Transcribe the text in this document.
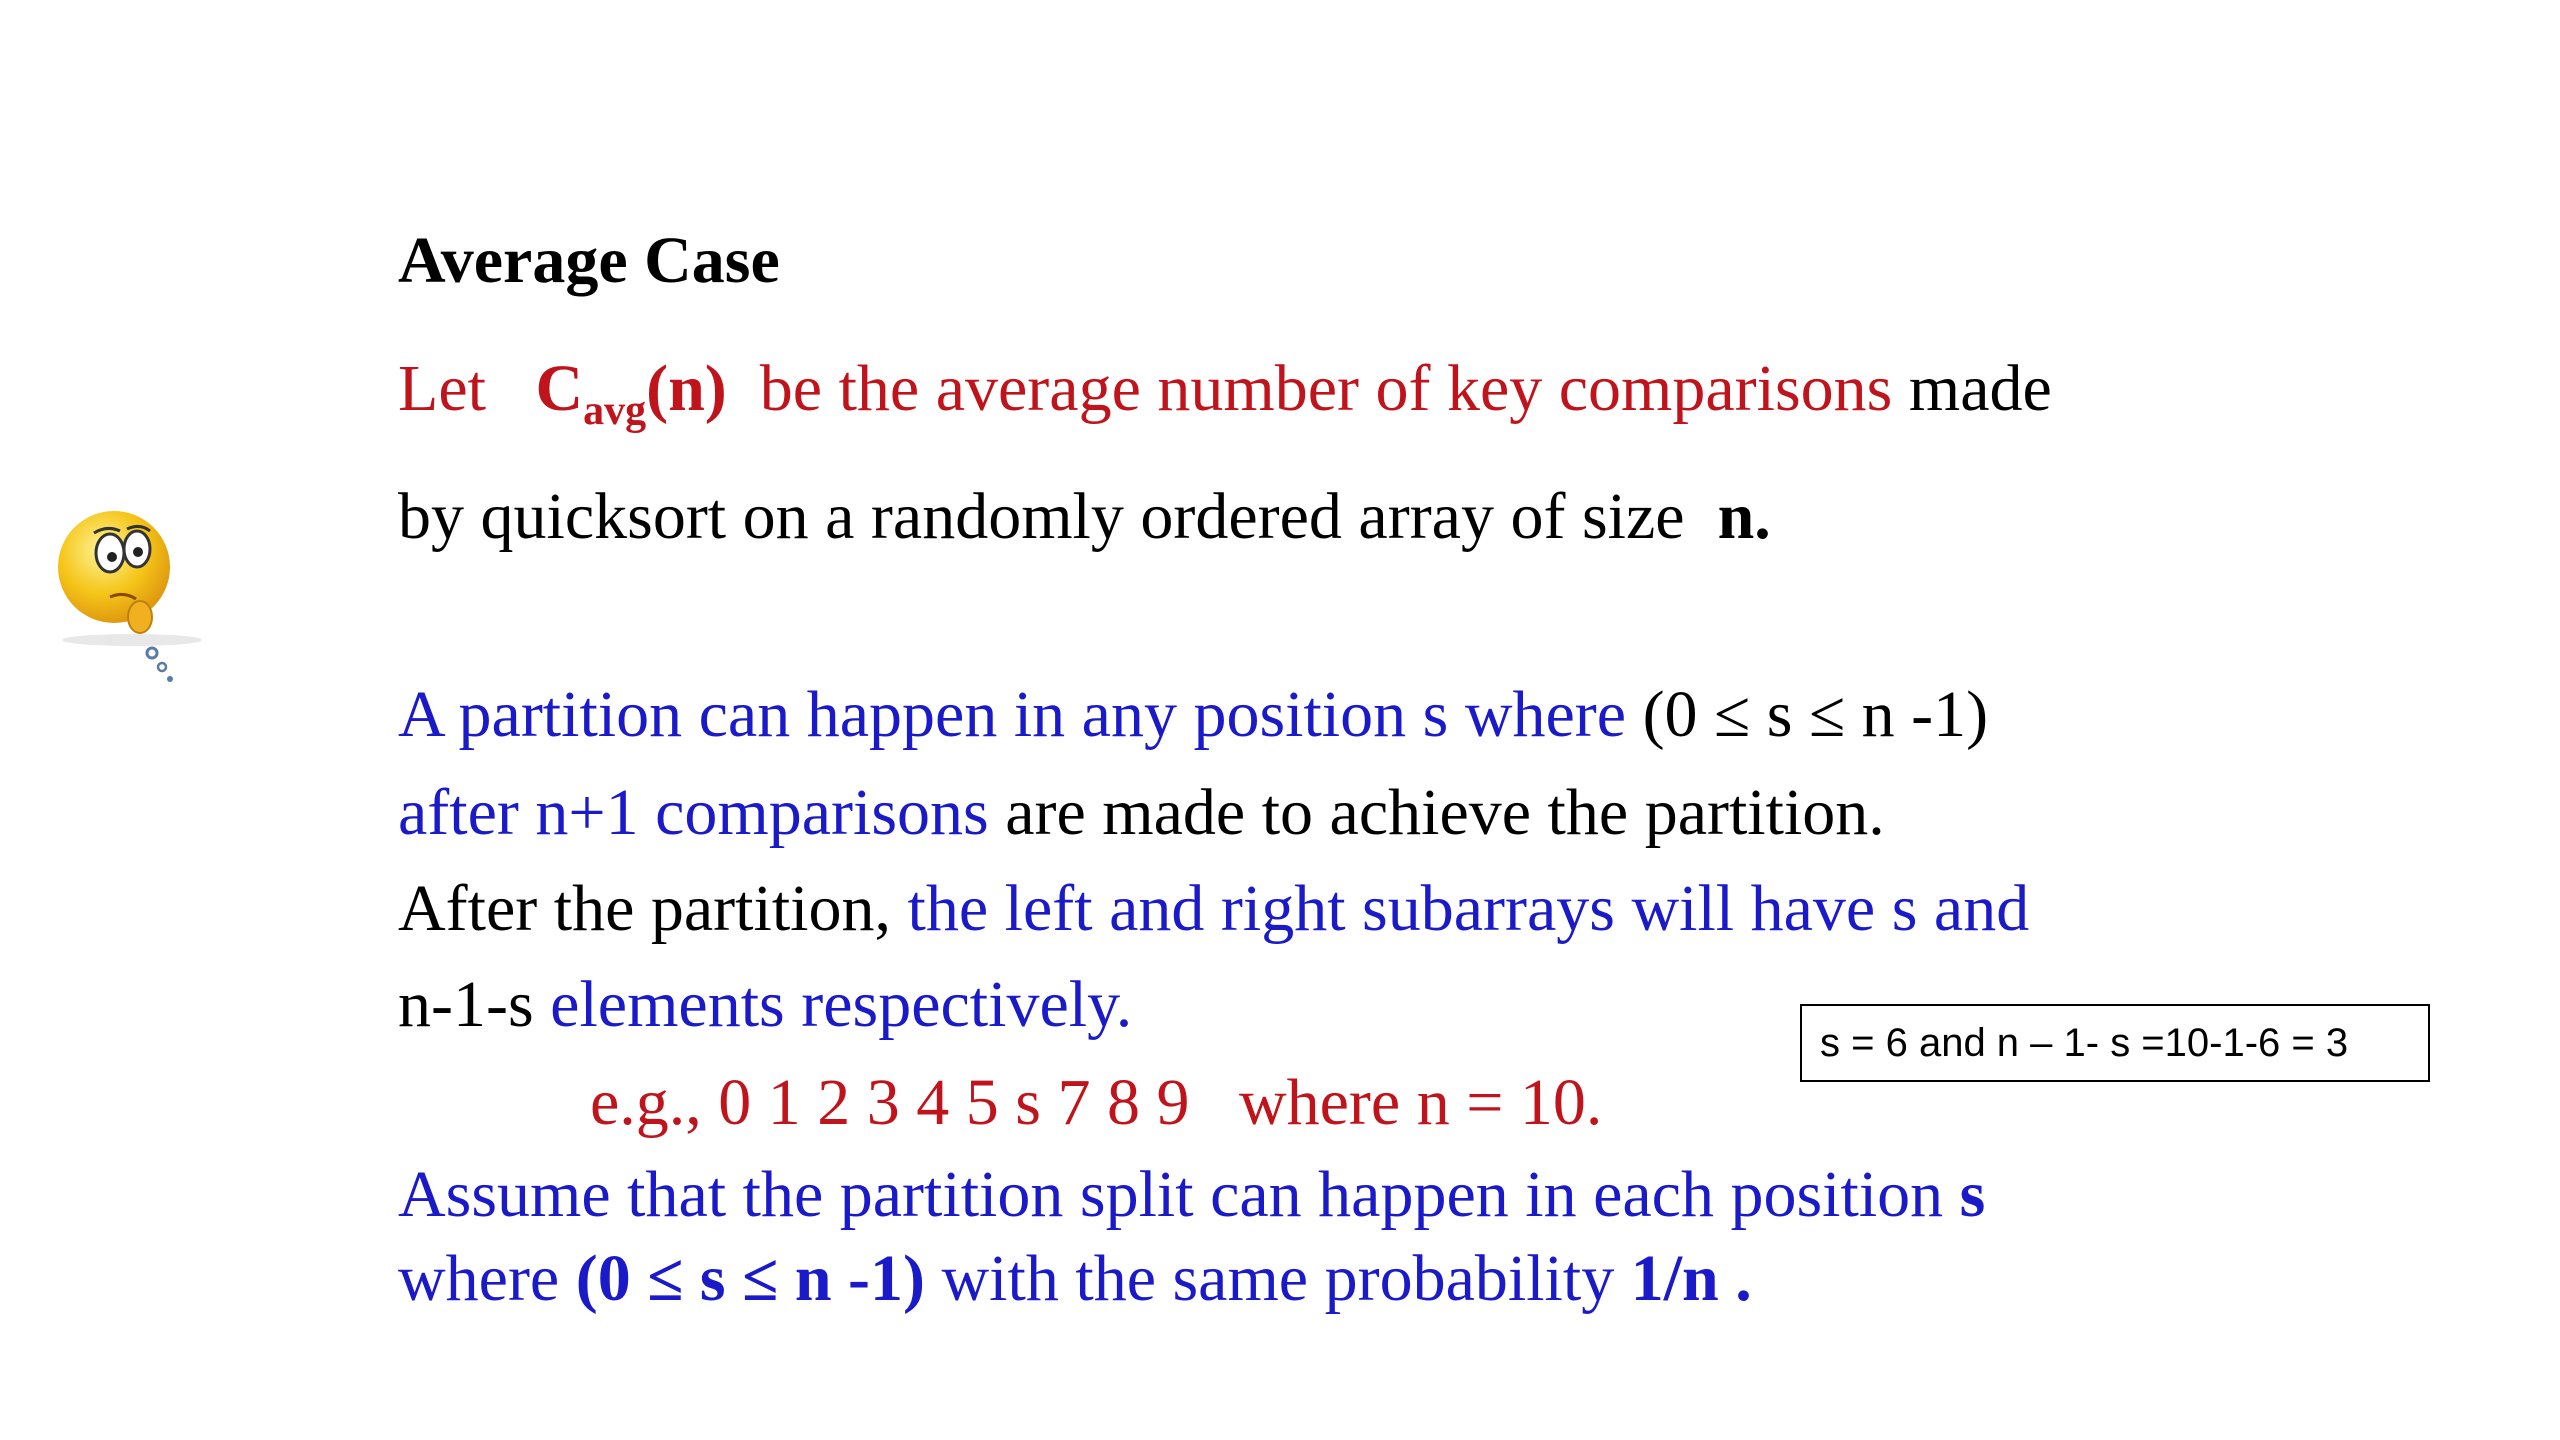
Average Case
Let $C_{avg}(n)$ be the average number of key comparisons made
by quicksort on a randomly ordered array of size n.
A partition can happen in any position s where (0 ≤ s ≤ n -1)
after n+1 comparisons are made to achieve the partition.
After the partition, the left and right subarrays will have s and
n-1-s elements respectively.
e.g., 0 1 2 3 4 5 s 7 8 9   where n = 10.
Assume that the partition split can happen in each position s
where (0 ≤ s ≤ n -1) with the same probability 1/n .
s = 6 and n – 1- s =10-1-6 = 3
